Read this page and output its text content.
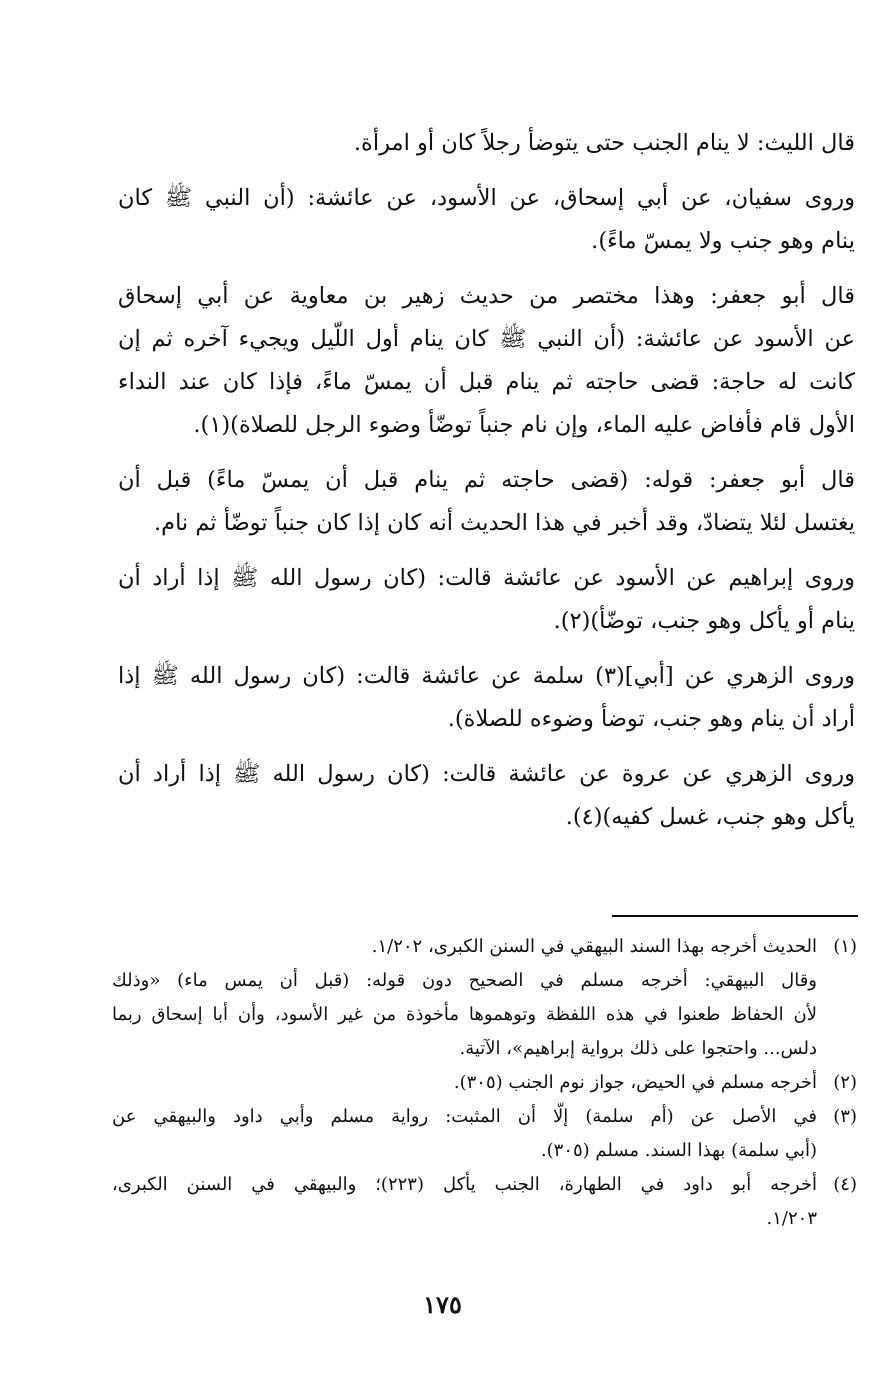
قال الليث: لا ينام الجنب حتى يتوضأ رجلاً كان أو امرأة.

وروى سفيان، عن أبي إسحاق، عن الأسود، عن عائشة: (أن النبي ﷺ كان
ينام وهو جنب ولا يمسّ ماءً).

قال أبو جعفر: وهذا مختصر من حديث زهير بن معاوية عن أبي إسحاق
عن الأسود عن عائشة: (أن النبي ﷺ كان ينام أول اللّيل ويجيء آخره ثم إن
كانت له حاجة: قضى حاجته ثم ينام قبل أن يمسّ ماءً، فإذا كان عند النداء
الأول قام فأفاض عليه الماء، وإن نام جنباً توضّأ وضوء الرجل للصلاة)(١).

قال أبو جعفر: قوله: (قضى حاجته ثم ينام قبل أن يمسّ ماءً) قبل أن
يغتسل لئلا يتضادّ، وقد أخبر في هذا الحديث أنه كان إذا كان جنباً توضّأ ثم نام.

وروى إبراهيم عن الأسود عن عائشة قالت: (كان رسول الله ﷺ إذا أراد أن
ينام أو يأكل وهو جنب، توضّأ)(٢).

وروى الزهري عن [أبي](٣) سلمة عن عائشة قالت: (كان رسول الله ﷺ إذا
أراد أن ينام وهو جنب، توضأ وضوءه للصلاة).

وروى الزهري عن عروة عن عائشة قالت: (كان رسول الله ﷺ إذا أراد أن
يأكل وهو جنب، غسل كفيه)(٤).

(١)
الحديث أخرجه بهذا السند البيهقي في السنن الكبرى، ١/٢٠٢.
وقال البيهقي: أخرجه مسلم في الصحيح دون قوله: (قبل أن يمس ماء) «وذلك
لأن الحفاظ طعنوا في هذه اللفظة وتوهموها مأخوذة من غير الأسود، وأن أبا إسحاق ربما
دلس... واحتجوا على ذلك برواية إبراهيم»، الآتية.
(٢)
أخرجه مسلم في الحيض، جواز نوم الجنب (٣٠٥).
(٣)
في الأصل عن (أم سلمة) إلّا أن المثبت: رواية مسلم وأبي داود والبيهقي عن
(أبي سلمة) بهذا السند. مسلم (٣٠٥).
(٤)
أخرجه أبو داود في الطهارة، الجنب يأكل (٢٢٣)؛ والبيهقي في السنن الكبرى،
١/٢٠٣.
١٧٥
